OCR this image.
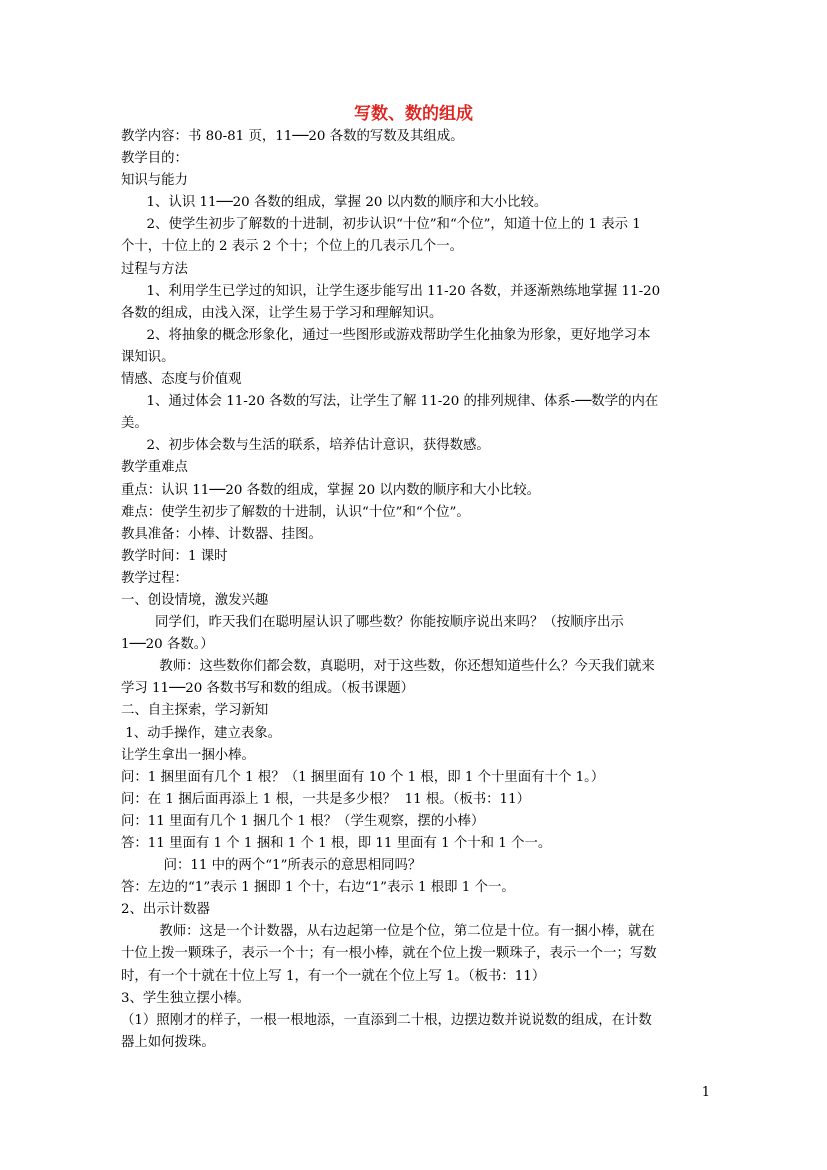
写数、数的组成
教学内容：书 80-81 页，11──20 各数的写数及其组成。
教学目的：
知识与能力
1、认识 11──20 各数的组成，掌握 20 以内数的顺序和大小比较。
2、使学生初步了解数的十进制，初步认识“十位”和“个位”，知道十位上的 1 表示 1
个十，十位上的 2 表示 2 个十；个位上的几表示几个一。
过程与方法
1、利用学生已学过的知识，让学生逐步能写出 11-20 各数，并逐渐熟练地掌握 11-20
各数的组成，由浅入深，让学生易于学习和理解知识。
2、将抽象的概念形象化，通过一些图形或游戏帮助学生化抽象为形象，更好地学习本
课知识。
情感、态度与价值观
1、通过体会 11-20 各数的写法，让学生了解 11-20 的排列规律、体系-──数学的内在
美。
2、初步体会数与生活的联系，培养估计意识，获得数感。
教学重难点
重点：认识 11──20 各数的组成，掌握 20 以内数的顺序和大小比较。
难点：使学生初步了解数的十进制，认识“十位”和“个位”。
教具准备：小棒、计数器、挂图。
教学时间：1 课时
教学过程：
一、创设情境，激发兴趣
同学们，昨天我们在聪明屋认识了哪些数？你能按顺序说出来吗？（按顺序出示
1──20 各数。）
教师：这些数你们都会数，真聪明，对于这些数，你还想知道些什么？今天我们就来
学习 11──20 各数书写和数的组成。（板书课题）
二、自主探索，学习新知
1、动手操作，建立表象。
让学生拿出一捆小棒。
问：1 捆里面有几个 1 根？（1 捆里面有 10 个 1 根，即 1 个十里面有十个 1。）
问：在 1 捆后面再添上 1 根，一共是多少根？  11 根。（板书：11）
问：11 里面有几个 1 捆几个 1 根？（学生观察，摆的小棒）
答：11 里面有 1 个 1 捆和 1 个 1 根，即 11 里面有 1 个十和 1 个一。
问：11 中的两个“1”所表示的意思相同吗？
答：左边的“1”表示 1 捆即 1 个十，右边“1”表示 1 根即 1 个一。
2、出示计数器
教师：这是一个计数器，从右边起第一位是个位，第二位是十位。有一捆小棒，就在
十位上拨一颗珠子，表示一个十；有一根小棒，就在个位上拨一颗珠子，表示一个一；写数
时，有一个十就在十位上写 1，有一个一就在个位上写 1。（板书：11）
3、学生独立摆小棒。
（1）照刚才的样子，一根一根地添，一直添到二十根，边摆边数并说说数的组成，在计数
器上如何拨珠。
1
